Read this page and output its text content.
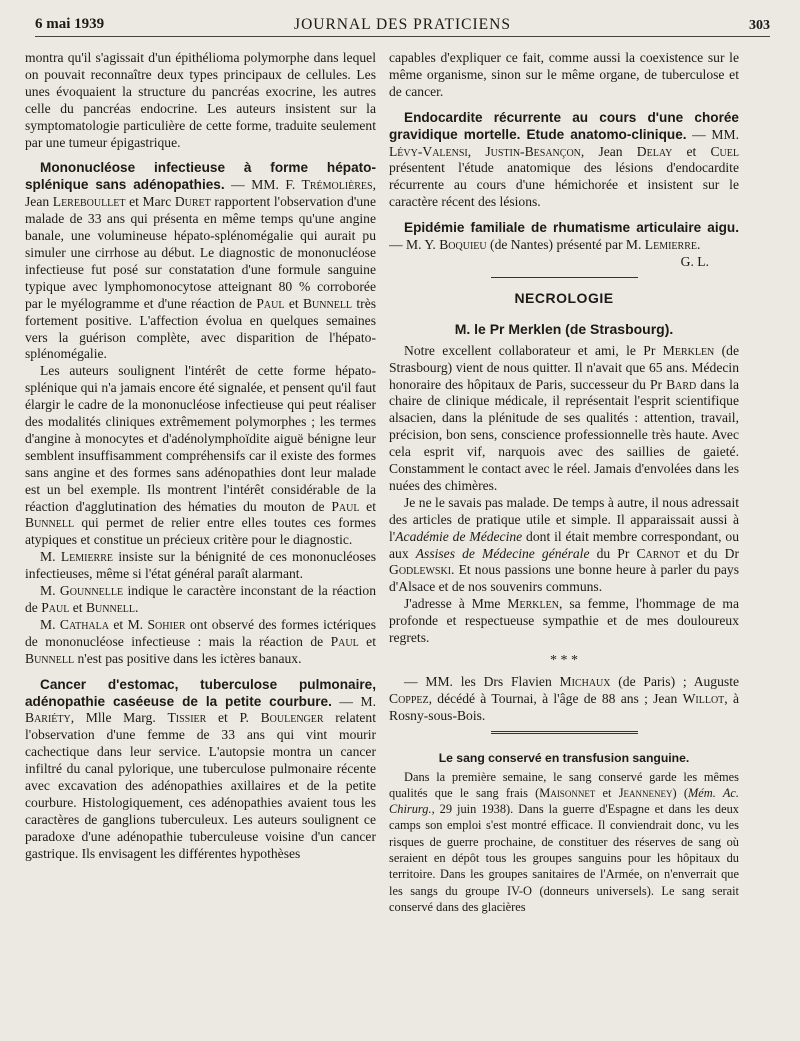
6 mai 1939	JOURNAL DES PRATICIENS	303

montra qu'il s'agissait d'un épithélioma polymorphe dans lequel on pouvait reconnaître deux types principaux de cellules. Les unes évoquaient la structure du pancréas exocrine, les autres celle du pancréas endocrine. Les auteurs insistent sur la symptomatologie particulière de cette forme, traduite seulement par une tumeur épigastrique.

Mononucléose infectieuse à forme hépato-splénique sans adénopathies. — MM. F. Trémolières, Jean Lereboullet et Marc Duret rapportent l'observation d'une malade de 33 ans qui présenta en même temps qu'une angine banale, une volumineuse hépato-splénomégalie qui aurait pu simuler une cirrhose au début. Le diagnostic de mononucléose infectieuse fut posé sur constatation d'une formule sanguine typique avec lymphomonocytose atteignant 80 % corroborée par le myélogramme et d'une réaction de Paul et Bunnell très fortement positive. L'affection évolua en quelques semaines vers la guérison complète, avec disparition de l'hépato-splénomégalie.

Les auteurs soulignent l'intérêt de cette forme hépato-splénique qui n'a jamais encore été signalée, et pensent qu'il faut élargir le cadre de la mononucléose infectieuse qui peut réaliser des modalités cliniques extrêmement polymorphes ; les termes d'angine à monocytes et d'adénolymphoïdite aiguë bénigne leur semblent insuffisamment compréhensifs car il existe des formes sans angine et des formes sans adénopathies dont leur malade est un bel exemple. Ils montrent l'intérêt considérable de la réaction d'agglutination des hématies du mouton de Paul et Bunnell qui permet de relier entre elles toutes ces formes atypiques et constitue un précieux critère pour le diagnostic.

M. Lemierre insiste sur la bénignité de ces mononucléoses infectieuses, même si l'état général paraît alarmant.

M. Gounnelle indique le caractère inconstant de la réaction de Paul et Bunnell.

M. Cathala et M. Sohier ont observé des formes ictériques de mononucléose infectieuse : mais la réaction de Paul et Bunnell n'est pas positive dans les ictères banaux.

Cancer d'estomac, tuberculose pulmonaire, adénopathie caséeuse de la petite courbure. — M. Bariéty, Mlle Marg. Tissier et P. Boulenger relatent l'observation d'une femme de 33 ans qui vint mourir cachectique dans leur service. L'autopsie montra un cancer infiltré du canal pylorique, une tuberculose pulmonaire récente avec excavation des adénopathies axillaires et de la petite courbure. Histologiquement, ces adénopathies avaient tous les caractères de ganglions tuberculeux. Les auteurs soulignent ce paradoxe d'une adénopathie tuberculeuse voisine d'un cancer gastrique. Ils envisagent les différentes hypothèses

capables d'expliquer ce fait, comme aussi la coexistence sur le même organisme, sinon sur le même organe, de tuberculose et de cancer.

Endocardite récurrente au cours d'une chorée gravidique mortelle. Etude anatomo-clinique. — MM. Lévy-Valensi, Justin-Besançon, Jean Delay et Cuel présentent l'étude anatomique des lésions d'endocardite récurrente au cours d'une hémichorée et insistent sur le caractère récent des lésions.

Epidémie familiale de rhumatisme articulaire aigu. — M. Y. Boquieu (de Nantes) présenté par M. Lemierre.

G. L.
NECROLOGIE
M. le Pr Merklen (de Strasbourg).

Notre excellent collaborateur et ami, le Pr Merklen (de Strasbourg) vient de nous quitter. Il n'avait que 65 ans. Médecin honoraire des hôpitaux de Paris, successeur du Pr Bard dans la chaire de clinique médicale, il représentait l'esprit scientifique alsacien, dans la plénitude de ses qualités : attention, travail, précision, bon sens, conscience professionnelle très haute. Avec cela esprit vif, narquois avec des saillies de gaieté. Constamment le contact avec le réel. Jamais d'envolées dans les nuées des chimères.

Je ne le savais pas malade. De temps à autre, il nous adressait des articles de pratique utile et simple. Il apparaissait aussi à l'Académie de Médecine dont il était membre correspondant, ou aux Assises de Médecine générale du Pr Carnot et du Dr Godlewski. Et nous passions une bonne heure à parler du pays d'Alsace et de nos souvenirs communs.

J'adresse à Mme Merklen, sa femme, l'hommage de ma profonde et respectueuse sympathie et de mes douloureux regrets.

* * *

— MM. les Drs Flavien Michaux (de Paris) ; Auguste Coppez, décédé à Tournai, à l'âge de 88 ans ; Jean Willot, à Rosny-sous-Bois.

Le sang conservé en transfusion sanguine.

Dans la première semaine, le sang conservé garde les mêmes qualités que le sang frais (Maisonnet et Jeanneney) (Mém. Ac. Chirurg., 29 juin 1938). Dans la guerre d'Espagne et dans les deux camps son emploi s'est montré efficace. Il conviendrait donc, vu les risques de guerre prochaine, de constituer des réserves de sang où seraient en dépôt tous les groupes sanguins pour les hôpitaux du territoire. Dans les groupes sanitaires de l'Armée, on n'enverrait que les sangs du groupe IV-O (donneurs universels). Le sang serait conservé dans des glacières
